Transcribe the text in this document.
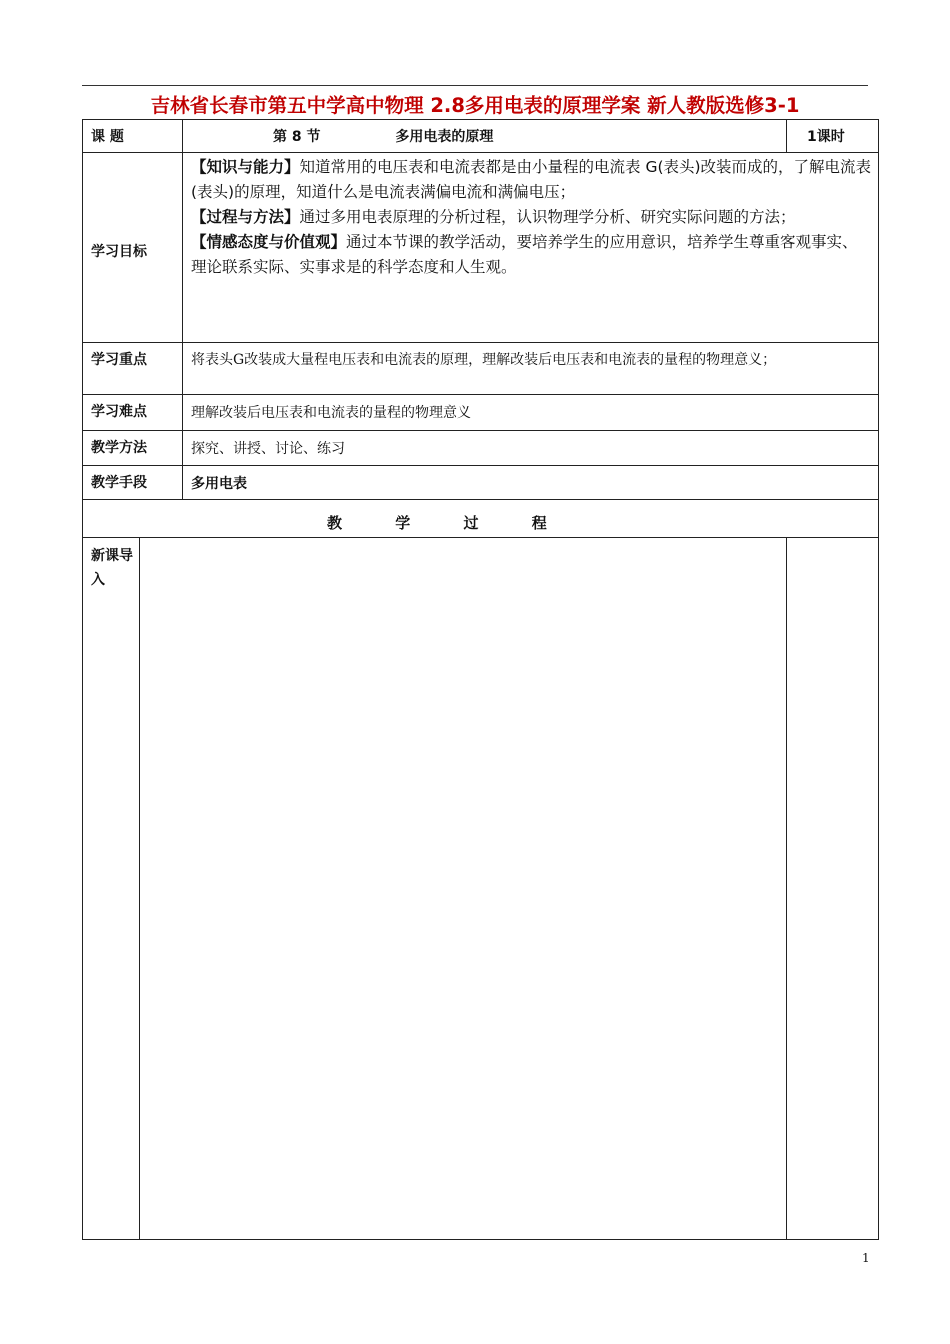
吉林省长春市第五中学高中物理 2.8多用电表的原理学案 新人教版选修3-1
课 题		第 8 节 多用电表的原理	1课时
学习目标		【知识与能力】知道常用的电压表和电流表都是由小量程的电流表 G(表头)改装而成的，了解电流表(表头)的原理，知道什么是电流表满偏电流和满偏电压；
【过程与方法】通过多用电表原理的分析过程，认识物理学分析、研究实际问题的方法；
【情感态度与价值观】通过本节课的教学活动，要培养学生的应用意识，培养学生尊重客观事实、理论联系实际、实事求是的科学态度和人生观。	

学习重点		将表头G改装成大量程电压表和电流表的原理，理解改装后电压表和电流表的量程的物理意义；	
学习难点		理解改装后电压表和电流表的量程的物理意义	
教学方法		探究、讲授、讨论、练习	
教学手段		多用电表	
教 学 过 程			
新课导入			
1
